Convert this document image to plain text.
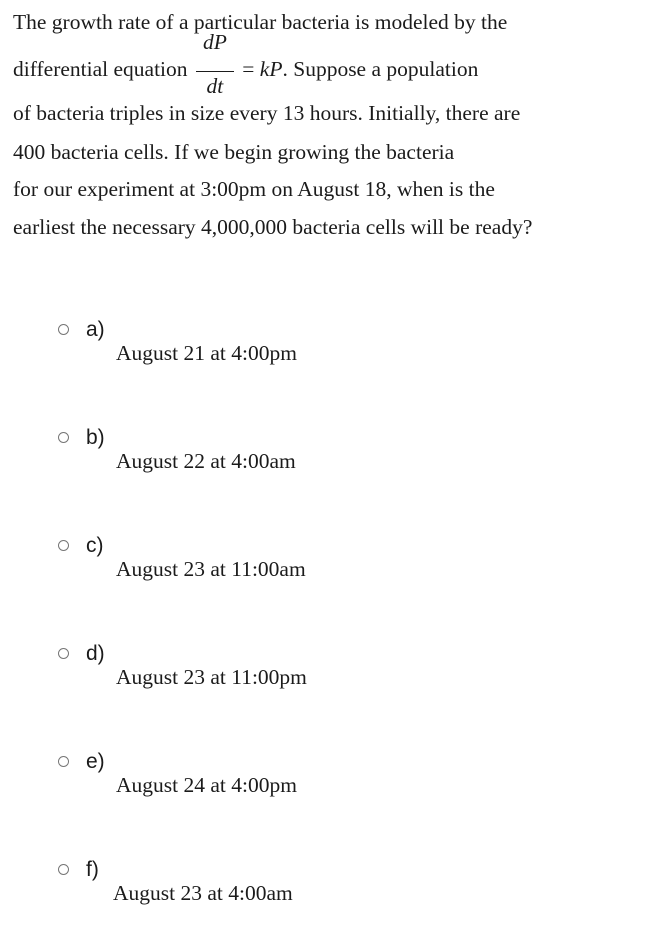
The growth rate of a particular bacteria is modeled by the
differential equation $\frac{dP}{dt}$ = kP. Suppose a population
of bacteria triples in size every 13 hours. Initially, there are
400 bacteria cells. If we begin growing the bacteria
for our experiment at 3:00pm on August 18, when is the
earliest the necessary 4,000,000 bacteria cells will be ready?
a)
August 21 at 4:00pm
b)
August 22 at 4:00am
c)
August 23 at 11:00am
d)
August 23 at 11:00pm
e)
August 24 at 4:00pm
f)
August 23 at 4:00am
